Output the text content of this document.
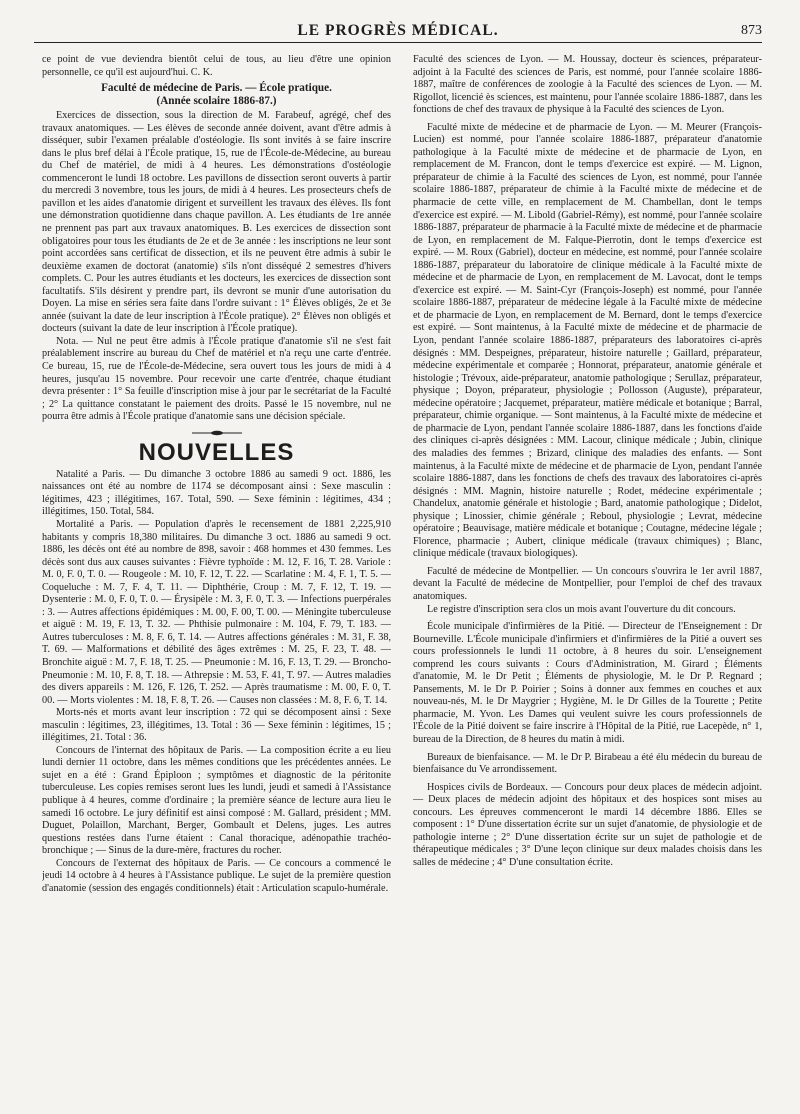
LE PROGRÈS MÉDICAL.	873

ce point de vue deviendra bientôt celui de tous, au lieu d'être une opinion personnelle, ce qu'il est aujourd'hui. C. K.

Faculté de médecine de Paris. — École pratique.
(Année scolaire 1886-87.)

Exercices de dissection, sous la direction de M. Farabeuf, agrégé, chef des travaux anatomiques. — Les élèves de seconde année doivent, avant d'être admis à disséquer, subir l'examen préalable d'ostéologie. Ils sont invités à se faire inscrire dans le plus bref délai à l'École pratique, 15, rue de l'École-de-Médecine, au bureau du Chef de matériel, de midi à 4 heures. Les démonstrations d'ostéologie commenceront le lundi 18 octobre. Les pavillons de dissection seront ouverts à partir du mercredi 3 novembre, tous les jours, de midi à 4 heures. Les prosecteurs chefs de pavillon et les aides d'anatomie dirigent et surveillent les travaux des élèves. Ils font une démonstration quotidienne dans chaque pavillon. A. Les étudiants de 1re année ne prennent pas part aux travaux anatomiques. B. Les exercices de dissection sont obligatoires pour tous les étudiants de 2e et de 3e année : les inscriptions ne leur sont point accordées sans certificat de dissection, et ils ne peuvent être admis à subir le deuxième examen de doctorat (anatomie) s'ils n'ont disséqué 2 semestres d'hivers complets. C. Pour les autres étudiants et les docteurs, les exercices de dissection sont facultatifs. S'ils désirent y prendre part, ils devront se munir d'une autorisation du Doyen. La mise en séries sera faite dans l'ordre suivant : 1° Élèves obligés, 2e et 3e année (suivant la date de leur inscription à l'École pratique). 2° Élèves non obligés et docteurs (suivant la date de leur inscription à l'École pratique).

Nota. — Nul ne peut être admis à l'École pratique d'anatomie s'il ne s'est fait préalablement inscrire au bureau du Chef de matériel et n'a reçu une carte d'entrée. Ce bureau, 15, rue de l'École-de-Médecine, sera ouvert tous les jours de midi à 4 heures, jusqu'au 15 novembre. Pour recevoir une carte d'entrée, chaque étudiant devra présenter : 1° Sa feuille d'inscription mise à jour par le secrétariat de la Faculté ; 2° La quittance constatant le paiement des droits. Passé le 15 novembre, nul ne pourra être admis à l'École pratique d'anatomie sans une décision spéciale.

NOUVELLES

Natalité a Paris. — Du dimanche 3 octobre 1886 au samedi 9 oct. 1886, les naissances ont été au nombre de 1174 se décomposant ainsi : Sexe masculin : légitimes, 423 ; illégitimes, 167. Total, 590. — Sexe féminin : légitimes, 434 ; illégitimes, 150. Total, 584.

Mortalité a Paris. — Population d'après le recensement de 1881 2,225,910 habitants y compris 18,380 militaires. Du dimanche 3 oct. 1886 au samedi 9 oct. 1886, les décès ont été au nombre de 898, savoir : 468 hommes et 430 femmes. Les décès sont dus aux causes suivantes : Fièvre typhoïde : M. 12, F. 16, T. 28. Variole : M. 0, F. 0, T. 0. — Rougeole : M. 10, F. 12, T. 22. — Scarlatine : M. 4, F. 1, T. 5. — Coqueluche : M. 7, F. 4, T. 11. — Diphthérie, Croup : M. 7, F. 12, T. 19. — Dysenterie : M. 0, F. 0, T. 0. — Érysipèle : M. 3, F. 0, T. 3. — Infections puerpérales : 3. — Autres affections épidémiques : M. 00, F. 00, T. 00. — Méningite tuberculeuse et aiguë : M. 19, F. 13, T. 32. — Phthisie pulmonaire : M. 104, F. 79, T. 183. — Autres tuberculoses : M. 8, F. 6, T. 14. — Autres affections générales : M. 31, F. 38, T. 69. — Malformations et débilité des âges extrêmes : M. 25, F. 23, T. 48. — Bronchite aiguë : M. 7, F. 18, T. 25. — Pneumonie : M. 16, F. 13, T. 29. — Broncho-Pneumonie : M. 10, F. 8, T. 18. — Athrepsie : M. 53, F. 41, T. 97. — Autres maladies des divers appareils : M. 126, F. 126, T. 252. — Après traumatisme : M. 00, F. 0, T. 00. — Morts violentes : M. 18, F. 8, T. 26. — Causes non classées : M. 8, F. 6, T. 14.

Morts-nés et morts avant leur inscription : 72 qui se décomposent ainsi : Sexe masculin : légitimes, 23, illégitimes, 13. Total : 36 — Sexe féminin : légitimes, 15 ; illégitimes, 21. Total : 36.

Concours de l'internat des hôpitaux de Paris. — La composition écrite a eu lieu lundi dernier 11 octobre, dans les mêmes conditions que les précédentes années. Le sujet en a été : Grand Épiploon ; symptômes et diagnostic de la péritonite tuberculeuse. Les copies remises seront lues les lundi, jeudi et samedi à l'Assistance publique à 4 heures, comme d'ordinaire ; la première séance de lecture aura lieu le samedi 16 octobre. Le jury définitif est ainsi composé : M. Gallard, président ; MM. Duguet, Polaillon, Marchant, Berger, Gombault et Delens, juges. Les autres questions restées dans l'urne étaient : Canal thoracique, adénopathie trachéo-bronchique ; — Sinus de la dure-mère, fractures du rocher.

Concours de l'externat des hôpitaux de Paris. — Ce concours a commencé le jeudi 14 octobre à 4 heures à l'Assistance publique. Le sujet de la première question d'anatomie (session des engagés conditionnels) était : Articulation scapulo-humérale.

Faculté des sciences de Lyon. — M. Houssay, docteur ès sciences, préparateur-adjoint à la Faculté des sciences de Paris, est nommé, pour l'année scolaire 1886-1887, maître de conférences de zoologie à la Faculté des sciences de Lyon. — M. Rigollot, licencié ès sciences, est maintenu, pour l'année scolaire 1886-1887, dans les fonctions de chef des travaux de physique à la Faculté des sciences de Lyon.

Faculté mixte de médecine et de pharmacie de Lyon. — M. Meurer (François-Lucien) est nommé, pour l'année scolaire 1886-1887, préparateur d'anatomie pathologique à la Faculté mixte de médecine et de pharmacie de Lyon, en remplacement de M. Francon, dont le temps d'exercice est expiré. — M. Lignon, préparateur de chimie à la Faculté des sciences de Lyon, est nommé, pour l'année scolaire 1886-1887, préparateur de chimie à la Faculté mixte de médecine et de pharmacie de cette ville, en remplacement de M. Chambellan, dont le temps d'exercice est expiré. — M. Libold (Gabriel-Rémy), est nommé, pour l'année scolaire 1886-1887, préparateur de pharmacie à la Faculté mixte de médecine et de pharmacie de Lyon, en remplacement de M. Falque-Pierrotin, dont le temps d'exercice est expiré. — M. Roux (Gabriel), docteur en médecine, est nommé, pour l'année scolaire 1886-1887, préparateur du laboratoire de clinique médicale à la Faculté mixte de médecine et de pharmacie de Lyon, en remplacement de M. Lavocat, dont le temps d'exercice est expiré. — M. Saint-Cyr (François-Joseph) est nommé, pour l'année scolaire 1886-1887, préparateur de médecine légale à la Faculté mixte de médecine et de pharmacie de Lyon, en remplacement de M. Bernard, dont le temps d'exercice est expiré. — Sont maintenus, à la Faculté mixte de médecine et de pharmacie de Lyon, pendant l'année scolaire 1886-1887, préparateurs des laboratoires ci-après désignés : MM. Despeignes, préparateur, histoire naturelle ; Gaillard, préparateur, médecine expérimentale et comparée ; Honnorat, préparateur, anatomie générale et histologie ; Trévoux, aide-préparateur, anatomie pathologique ; Serullaz, préparateur, physique ; Doyon, préparateur, physiologie ; Pollosson (Auguste), préparateur, médecine opératoire ; Jacquemet, préparateur, matière médicale et botanique ; Barral, préparateur, chimie organique. — Sont maintenus, à la Faculté mixte de médecine et de pharmacie de Lyon, pendant l'année scolaire 1886-1887, dans les fonctions d'aide des cliniques ci-après désignées : MM. Lacour, clinique médicale ; Jubin, clinique des maladies des femmes ; Brizard, clinique des maladies des enfants. — Sont maintenus, à la Faculté mixte de médecine et de pharmacie de Lyon, pendant l'année scolaire 1886-1887, dans les fonctions de chefs des travaux des laboratoires ci-après désignés : MM. Magnin, histoire naturelle ; Rodet, médecine expérimentale ; Chandelux, anatomie générale et histologie ; Bard, anatomie pathologique ; Didelot, physique ; Linossier, chimie générale ; Reboul, physiologie ; Levrat, médecine opératoire ; Beauvisage, matière médicale et botanique ; Coutagne, médecine légale ; Florence, pharmacie ; Aubert, clinique médicale (travaux chimiques) ; Blanc, clinique médicale (travaux biologiques).

Faculté de médecine de Montpellier. — Un concours s'ouvrira le 1er avril 1887, devant la Faculté de médecine de Montpellier, pour l'emploi de chef des travaux anatomiques.

Le registre d'inscription sera clos un mois avant l'ouverture du dit concours.

École municipale d'infirmières de la Pitié. — Directeur de l'Enseignement : Dr Bourneville. L'École municipale d'infirmiers et d'infirmières de la Pitié a ouvert ses cours professionnels le lundi 11 octobre, à 8 heures du soir. L'enseignement comprend les cours suivants : Cours d'Administration, M. Girard ; Éléments d'anatomie, M. le Dr Petit ; Éléments de physiologie, M. le Dr P. Regnard ; Pansements, M. le Dr P. Poirier ; Soins à donner aux femmes en couches et aux nouveau-nés, M. le Dr Maygrier ; Hygiène, M. le Dr Gilles de la Tourette ; Petite pharmacie, M. Yvon. Les Dames qui veulent suivre les cours professionnels de l'École de la Pitié doivent se faire inscrire à l'Hôpital de la Pitié, rue Lacepède, n° 1, bureau de la Direction, de 8 heures du matin à midi.

Bureaux de bienfaisance. — M. le Dr P. Birabeau a été élu médecin du bureau de bienfaisance du Ve arrondissement.

Hospices civils de Bordeaux. — Concours pour deux places de médecin adjoint. — Deux places de médecin adjoint des hôpitaux et des hospices sont mises au concours. Les épreuves commenceront le mardi 14 décembre 1886. Elles se composent : 1° D'une dissertation écrite sur un sujet d'anatomie, de physiologie et de pathologie interne ; 2° D'une dissertation écrite sur un sujet de pathologie et de thérapeutique médicales ; 3° D'une leçon clinique sur deux malades choisis dans les salles de médecine ; 4° D'une consultation écrite.
